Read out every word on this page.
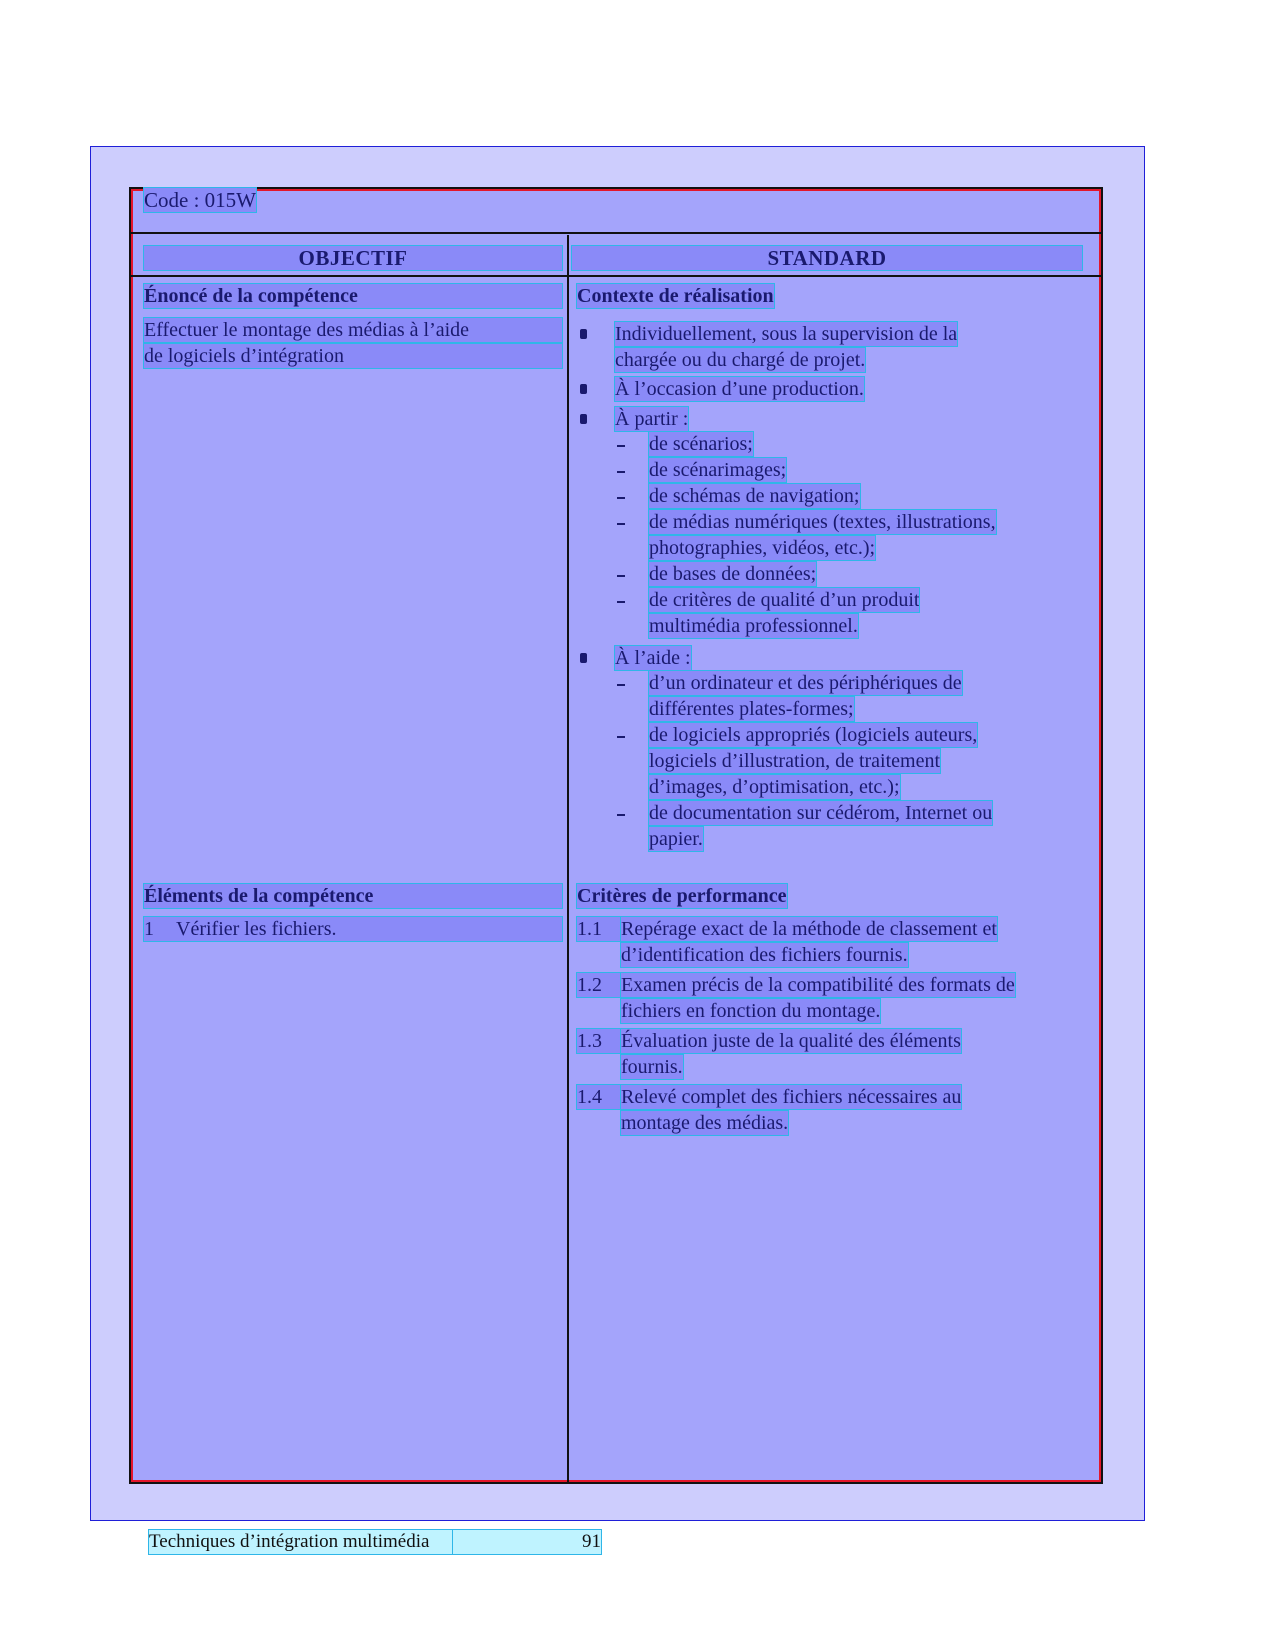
Code : 015W
OBJECTIF	STANDARD
Énoncé de la compétence
Effectuer le montage des médias à l’aide
de logiciels d’intégration
Éléments de la compétence
1 Vérifier les fichiers.
Contexte de réalisation
Individuellement, sous la supervision de la
chargée ou du chargé de projet.
À l’occasion d’une production.
À partir :
de scénarios;
de scénarimages;
de schémas de navigation;
de médias numériques (textes, illustrations,
photographies, vidéos, etc.);
de bases de données;
de critères de qualité d’un produit
multimédia professionnel.
À l’aide :
d’un ordinateur et des périphériques de
différentes plates-formes;
de logiciels appropriés (logiciels auteurs,
logiciels d’illustration, de traitement
d’images, d’optimisation, etc.);
de documentation sur cédérom, Internet ou
papier.
Critères de performance
1.1 Repérage exact de la méthode de classement et
d’identification des fichiers fournis.
1.2 Examen précis de la compatibilité des formats de
fichiers en fonction du montage.
1.3 Évaluation juste de la qualité des éléments
fournis.
1.4 Relevé complet des fichiers nécessaires au
montage des médias.
Techniques d’intégration multimédia	91
